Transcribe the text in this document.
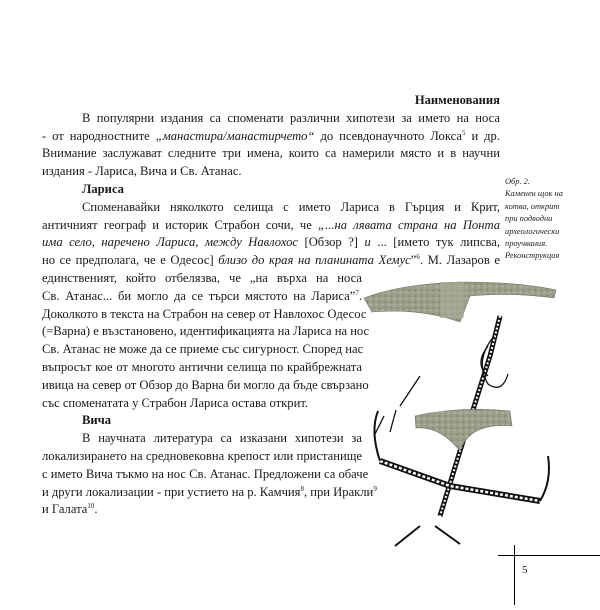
Наименования
В популярни издания са споменати различни хипотези за името на носа
- от народностните „манастира/манастирчето“ до псевдонаучното Локса$^5$ и др.
Внимание заслужават следните три имена, които са намерили място и в научни
издания - Лариса, Вича и Св. Атанас.
Лариса
Споменавайки няколкото селища с името Лариса в Гърция и Крит,
античният географ и историк Страбон сочи, че „...на лявата страна на Понта
има село, наречено Лариса, между Навлохос [Обзор ?] и ... [името тук липсва,
но се предполага, че е Одесос] близо до края на планината Хемус”$^6$. М. Лазаров е
единственият, който отбелязва, че „на върха на носа
Св. Атанас... би могло да се търси мястото на Лариса”$^7$.
Доколкото в текста на Страбон на север от Навлохос Одесос
(=Варна) е възстановено, идентификацията на Лариса на нос
Св. Атанас не може да се приеме със сигурност. Според нас
въпросът кое от многото антични селища по крайбрежната
ивица на север от Обзор до Варна би могло да бъде свързано
със споменатата у Страбон Лариса остава открит.
Вича
В научната литература са изказани хипотези за
локализирането на средновековна крепост или пристанище
с името Вича тъкмо на нос Св. Атанас. Предложени са обаче
и други локализации - при устието на р. Камчия$^8$, при Иракли$^9$
и Галата$^{10}$.
Обр. 2.
Каменен щок на
котва, открит
при подводни
археологически
проучвания.
Реконструкция
5
